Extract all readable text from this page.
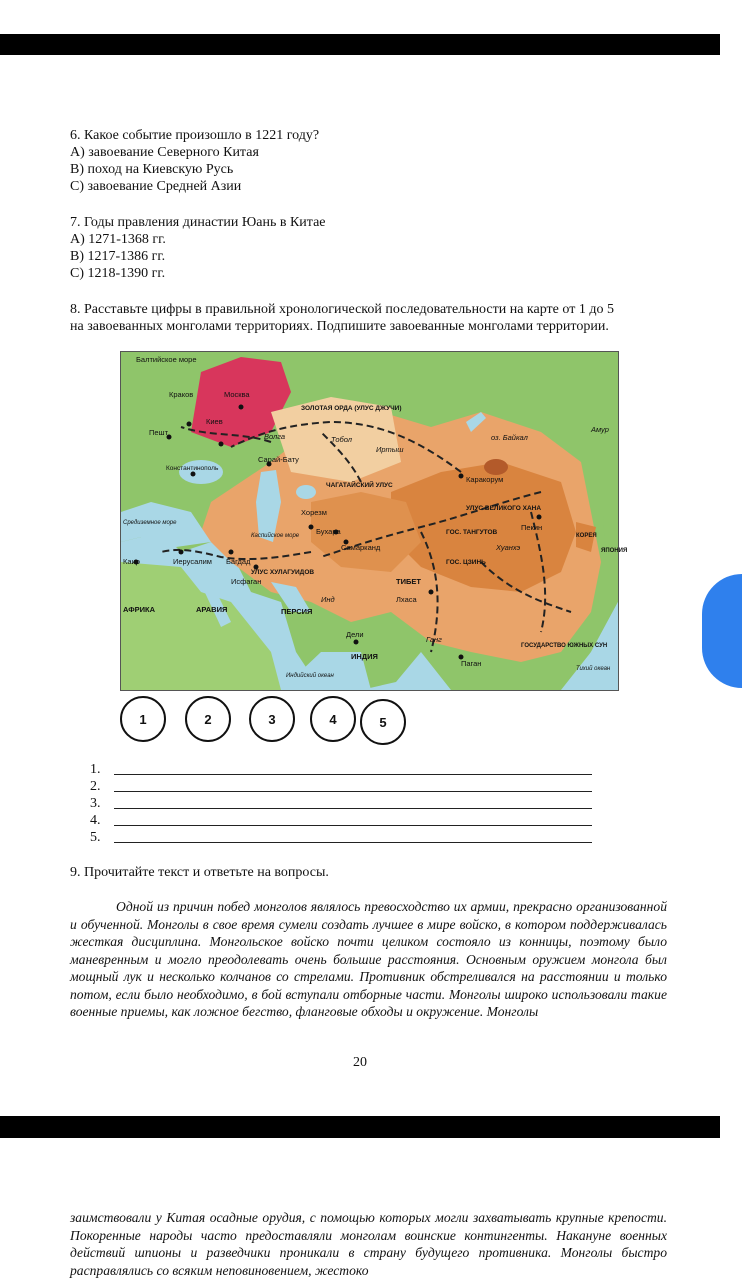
6. Какое событие произошло в 1221 году?
А) завоевание Северного Китая
В) поход на Киевскую Русь
С) завоевание Средней Азии
7. Годы правления династии Юань в Китае
А) 1271-1368 гг.
В) 1217-1386 гг.
С) 1218-1390 гг.
8. Расставьте цифры в правильной хронологической последовательности на карте от 1 до 5
на завоеванных монголами территориях. Подпишите завоеванные монголами территории.
Балтийское море
Краков	Москва
Киев
Пешт
Константинополь
ЗОЛОТАЯ ОРДА (УЛУС ДЖУЧИ)
Сарай-Бату
Волга	Тобол
Иртыш
оз. Байкал
Амур
Каракорум
УЛУС ВЕЛИКОГО ХАНА
ЧАГАТАЙСКИЙ УЛУС
Каспийское море
Хорезм
Бухара
Самарканд
ГОС. ТАНГУТОВ
ГОС. ЦЗИНЬ
Пекин
Хуанхэ
КОРЕЯ
ЯПОНИЯ
Средиземное море
Каир	Иерусалим Багдад
УЛУС ХУЛАГУИДОВ
Исфаган
ПЕРСИЯ
ТИБЕТ
Лхаса
ГОСУДАРСТВО ЮЖНЫХ СУН
АФРИКА	АРАВИЯ
ИНДИЯ
Дели
Индийский океан
Паган
Тихий океан
Ганг
Инд
1	2	3	4	5
1.
2.
3.
4.
5.
9. Прочитайте текст и ответьте на вопросы.
Одной из причин побед монголов являлось превосходство их армии, прекрасно организованной и обученной. Монголы в свое время сумели создать лучшее в мире войско, в котором поддерживалась жесткая дисциплина. Монгольское войско почти целиком состояло из конницы, поэтому было маневренным и могло преодолевать очень большие расстояния. Основным оружием монгола был мощный лук и несколько колчанов со стрелами. Противник обстреливался на расстоянии и только потом, если было необходимо, в бой вступали отборные части. Монголы широко использовали такие военные приемы, как ложное бегство, фланговые обходы и окружение. Монголы
20
заимствовали у Китая осадные орудия, с помощью которых могли захватывать крупные крепости. Покоренные народы часто предоставляли монголам воинские контингенты. Накануне военных действий шпионы и разведчики проникали в страну будущего противника. Монголы быстро расправлялись со всяким неповиновением, жестоко
